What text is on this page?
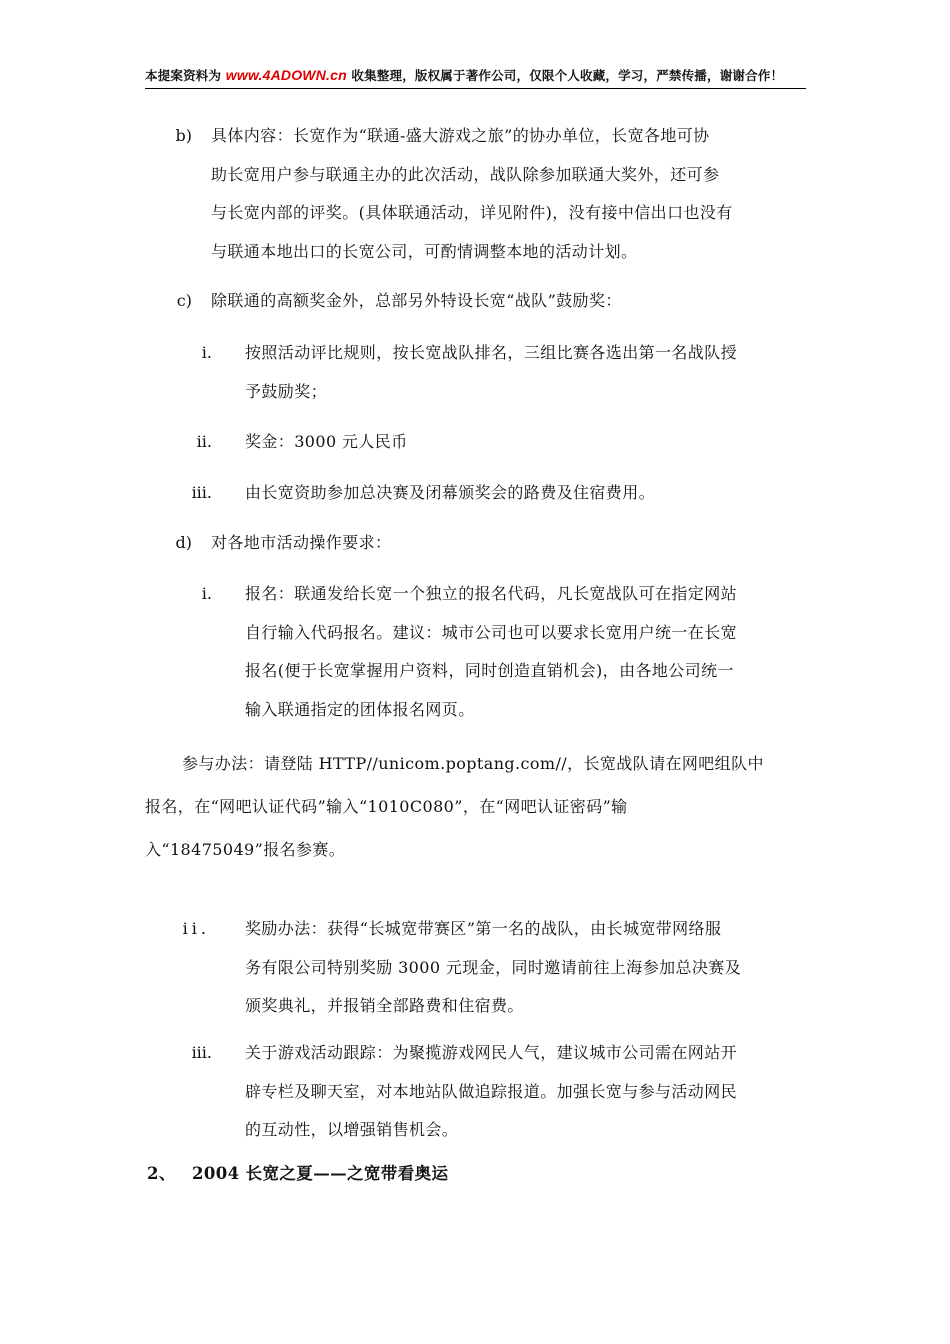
本提案资料为 www.4ADOWN.cn 收集整理，版权属于著作公司，仅限个人收藏，学习，严禁传播，谢谢合作！
b) 具体内容：长宽作为“联通-盛大游戏之旅”的协办单位，长宽各地可协
助长宽用户参与联通主办的此次活动，战队除参加联通大奖外，还可参
与长宽内部的评奖。(具体联通活动，详见附件)，没有接中信出口也没有
与联通本地出口的长宽公司，可酌情调整本地的活动计划。
c) 除联通的高额奖金外，总部另外特设长宽“战队”鼓励奖：
i. 按照活动评比规则，按长宽战队排名，三组比赛各选出第一名战队授
予鼓励奖；
ii. 奖金：3000 元人民币
iii. 由长宽资助参加总决赛及闭幕颁奖会的路费及住宿费用。
d) 对各地市活动操作要求：
i. 报名：联通发给长宽一个独立的报名代码，凡长宽战队可在指定网站
自行输入代码报名。建议：城市公司也可以要求长宽用户统一在长宽
报名(便于长宽掌握用户资料，同时创造直销机会)，由各地公司统一
输入联通指定的团体报名网页。
参与办法：请登陆 HTTP//unicom.poptang.com//，长宽战队请在网吧组队中
报名，在“网吧认证代码”输入“1010C080”，在“网吧认证密码”输
入“18475049”报名参赛。
ii. 奖励办法：获得“长城宽带赛区”第一名的战队，由长城宽带网络服
务有限公司特别奖励 3000 元现金，同时邀请前往上海参加总决赛及
颁奖典礼，并报销全部路费和住宿费。
iii. 关于游戏活动跟踪：为聚揽游戏网民人气，建议城市公司需在网站开
辟专栏及聊天室，对本地站队做追踪报道。加强长宽与参与活动网民
的互动性，以增强销售机会。
2、 2004 长宽之夏——之宽带看奥运
